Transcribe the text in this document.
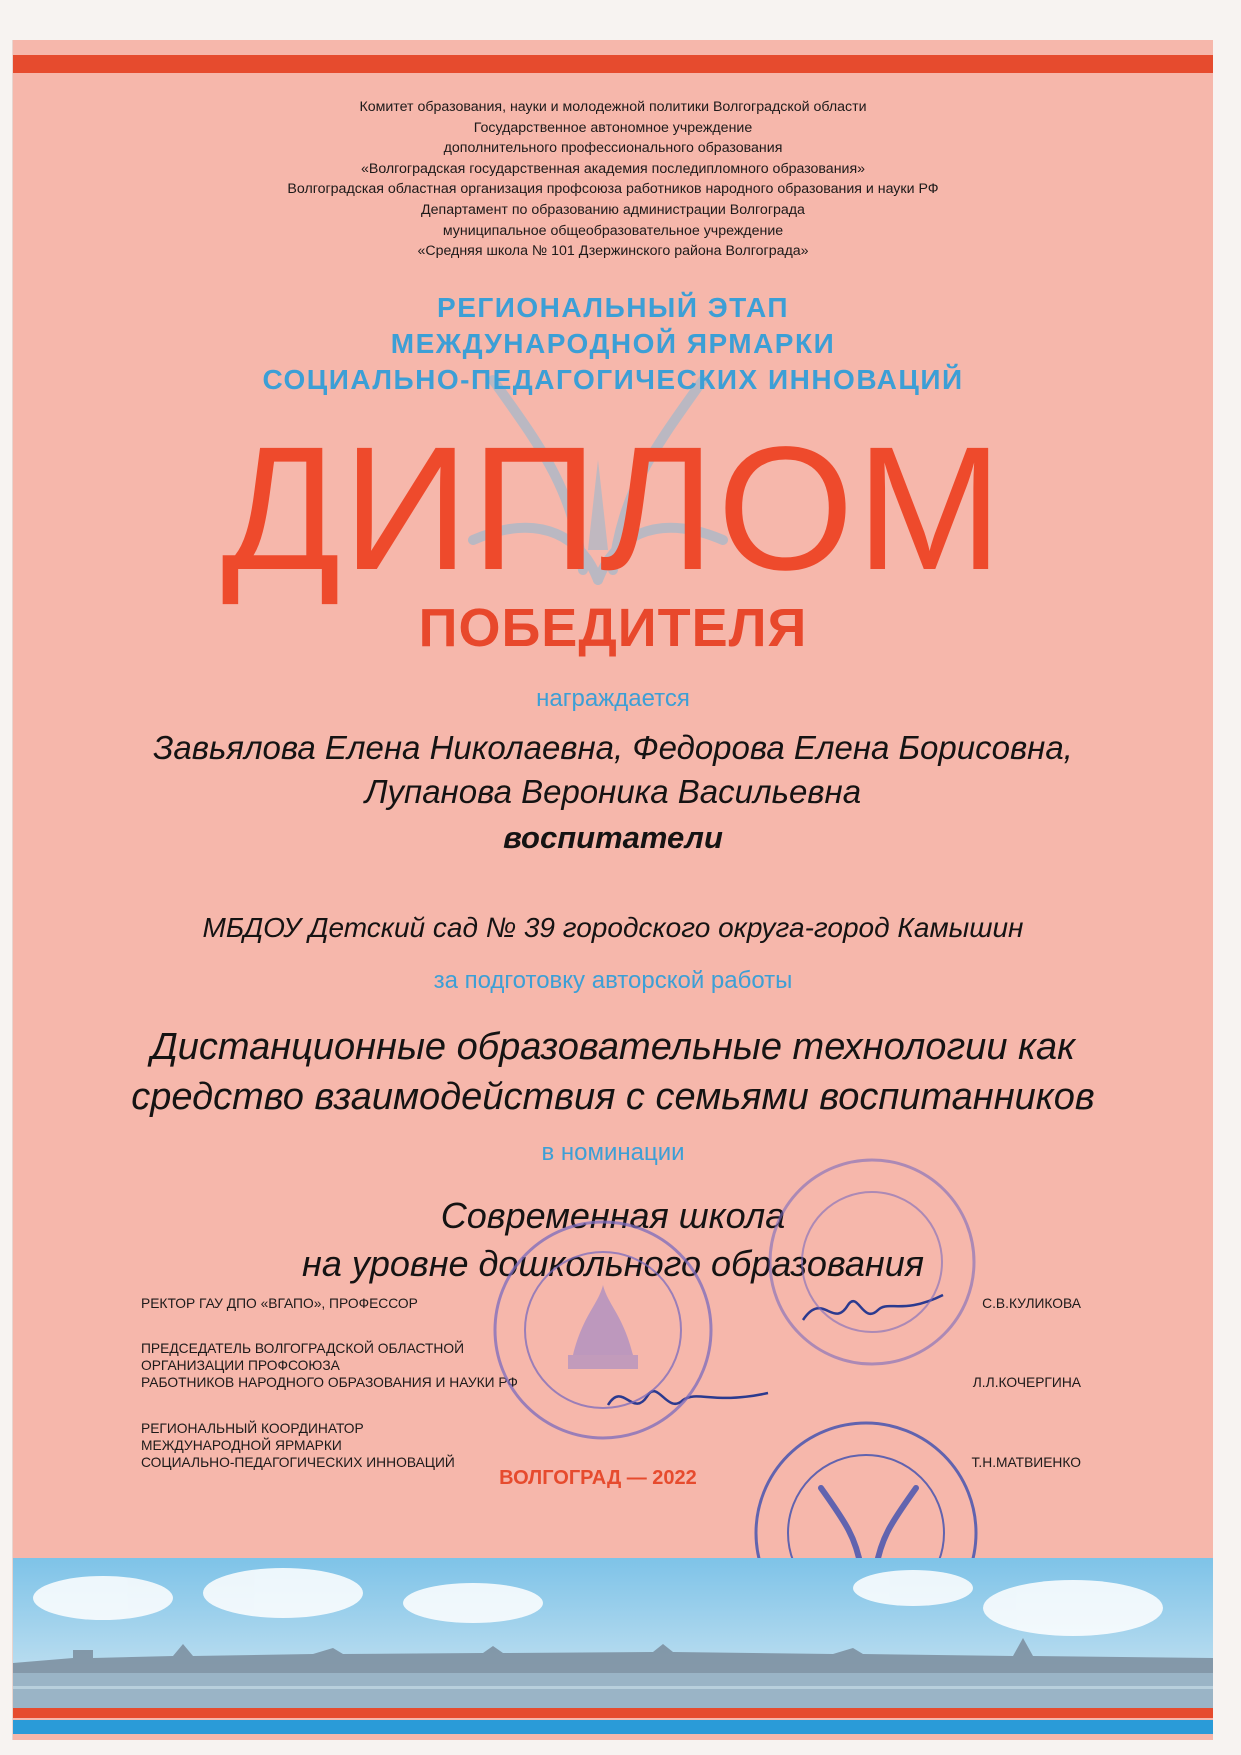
Комитет образования, науки и молодежной политики Волгоградской области
Государственное автономное учреждение
дополнительного профессионального образования
«Волгоградская государственная академия последипломного образования»
Волгоградская областная организация профсоюза работников народного образования и науки РФ
Департамент по образованию администрации Волгограда
муниципальное общеобразовательное учреждение
«Средняя школа № 101 Дзержинского района Волгограда»
РЕГИОНАЛЬНЫЙ ЭТАП
МЕЖДУНАРОДНОЙ ЯРМАРКИ
СОЦИАЛЬНО-ПЕДАГОГИЧЕСКИХ ИННОВАЦИЙ
ДИПЛОМ
ПОБЕДИТЕЛЯ
награждается
Завьялова Елена Николаевна, Федорова Елена Борисовна,
Лупанова Вероника Васильевна
воспитатели
МБДОУ Детский сад № 39 городского округа-город Камышин
за подготовку авторской работы
Дистанционные образовательные технологии как
средство взаимодействия с семьями воспитанников
в номинации
Современная школа
на уровне дошкольного образования
РЕКТОР ГАУ ДПО «ВГАПО», ПРОФЕССОР	С.В.КУЛИКОВА
ПРЕДСЕДАТЕЛЬ ВОЛГОГРАДСКОЙ ОБЛАСТНОЙ
ОРГАНИЗАЦИИ ПРОФСОЮЗА
РАБОТНИКОВ НАРОДНОГО ОБРАЗОВАНИЯ И НАУКИ РФ	Л.Л.КОЧЕРГИНА
РЕГИОНАЛЬНЫЙ КООРДИНАТОР
МЕЖДУНАРОДНОЙ ЯРМАРКИ
СОЦИАЛЬНО-ПЕДАГОГИЧЕСКИХ ИННОВАЦИЙ	Т.Н.МАТВИЕНКО
ВОЛГОГРАД — 2022
